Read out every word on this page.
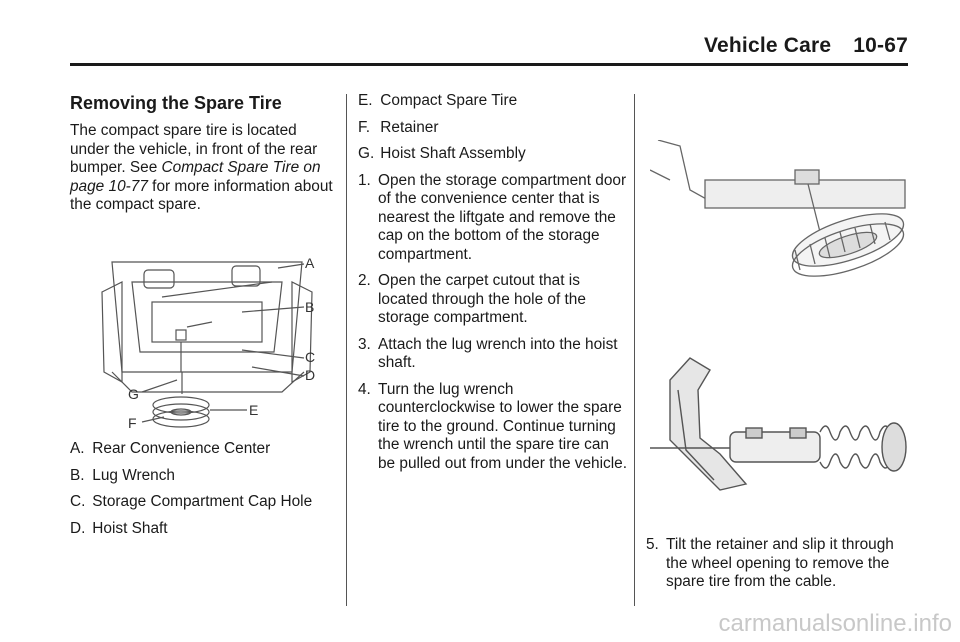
Vehicle Care 10-67
Removing the Spare Tire

The compact spare tire is located under the vehicle, in front of the rear bumper. See Compact Spare Tire on page 10-77 for more information about the compact spare.

A
B
C
D
E
F
G
A. Rear Convenience Center
B. Lug Wrench
C. Storage Compartment Cap Hole
D. Hoist Shaft
E. Compact Spare Tire
F. Retainer
G. Hoist Shaft Assembly
1. Open the storage compartment door of the convenience center that is nearest the liftgate and remove the cap on the bottom of the storage compartment.
2. Open the carpet cutout that is located through the hole of the storage compartment.
3. Attach the lug wrench into the hoist shaft.
4. Turn the lug wrench counterclockwise to lower the spare tire to the ground. Continue turning the wrench until the spare tire can be pulled out from under the vehicle.
5. Tilt the retainer and slip it through the wheel opening to remove the spare tire from the cable.
carmanualsonline.info
